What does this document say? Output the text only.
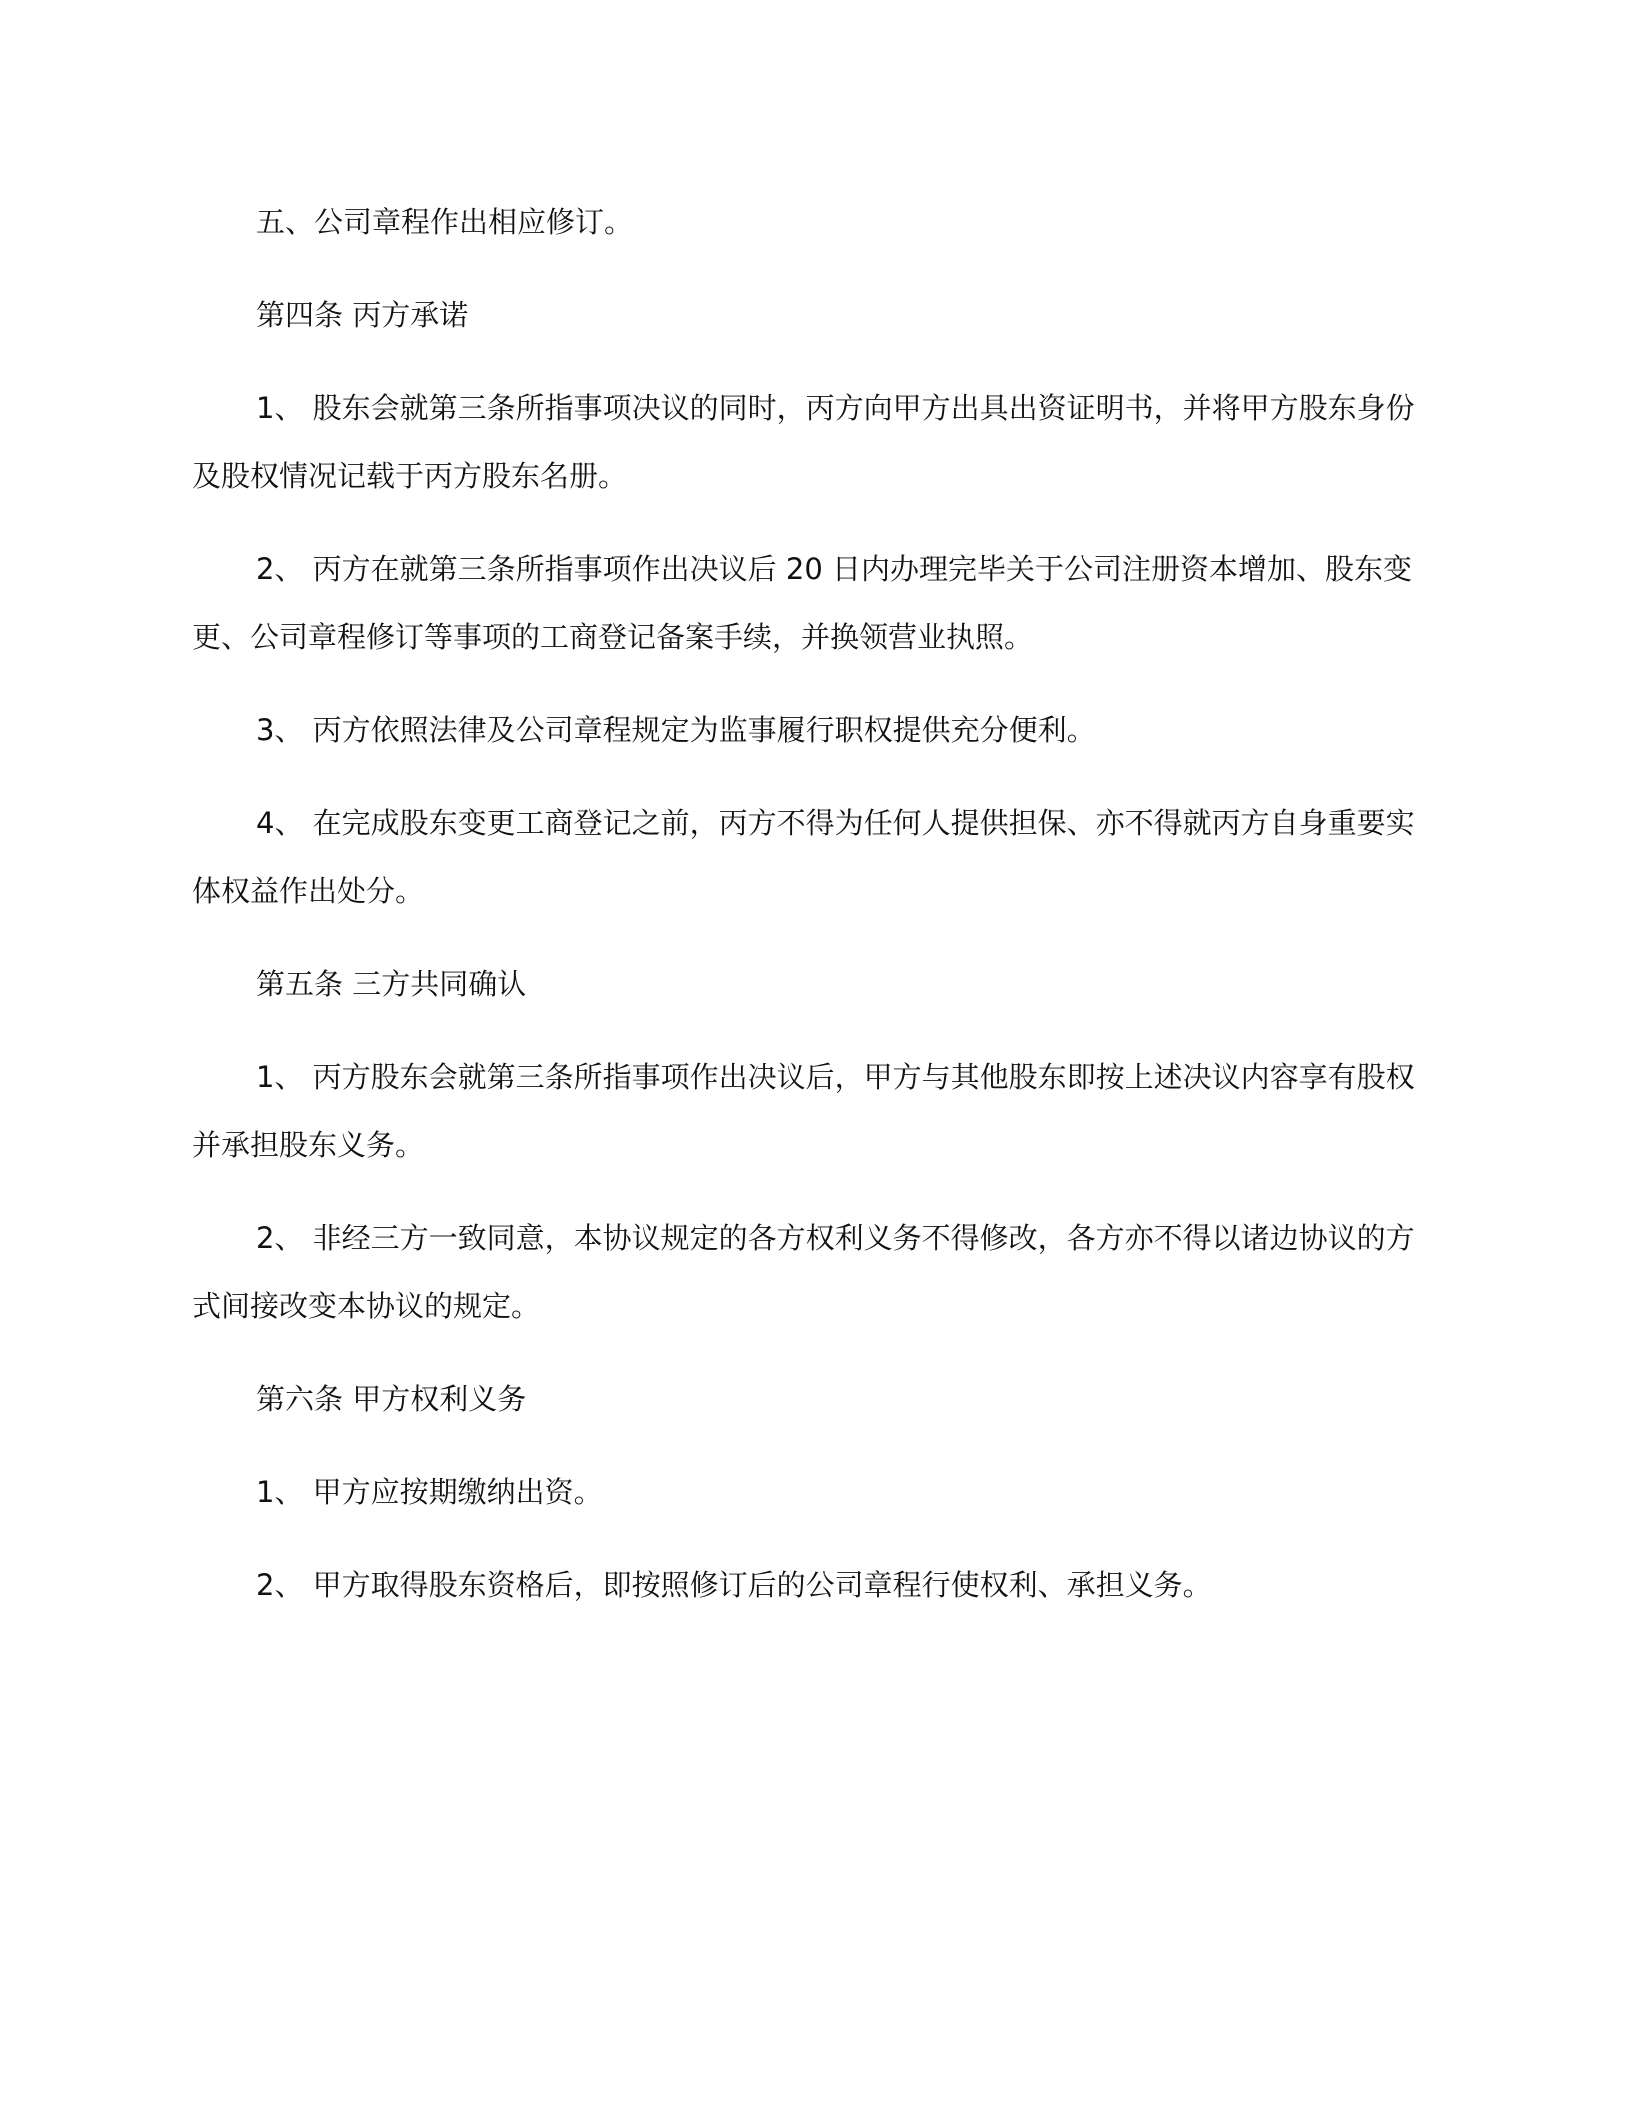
五、公司章程作出相应修订。

第四条 丙方承诺

1、 股东会就第三条所指事项决议的同时，丙方向甲方出具出资证明书，并将甲方股东身份及股权情况记载于丙方股东名册。

2、 丙方在就第三条所指事项作出决议后 20 日内办理完毕关于公司注册资本增加、股东变更、公司章程修订等事项的工商登记备案手续，并换领营业执照。

3、 丙方依照法律及公司章程规定为监事履行职权提供充分便利。

4、 在完成股东变更工商登记之前，丙方不得为任何人提供担保、亦不得就丙方自身重要实体权益作出处分。

第五条 三方共同确认

1、 丙方股东会就第三条所指事项作出决议后，甲方与其他股东即按上述决议内容享有股权并承担股东义务。

2、 非经三方一致同意，本协议规定的各方权利义务不得修改，各方亦不得以诸边协议的方式间接改变本协议的规定。

第六条 甲方权利义务

1、 甲方应按期缴纳出资。

2、 甲方取得股东资格后，即按照修订后的公司章程行使权利、承担义务。
